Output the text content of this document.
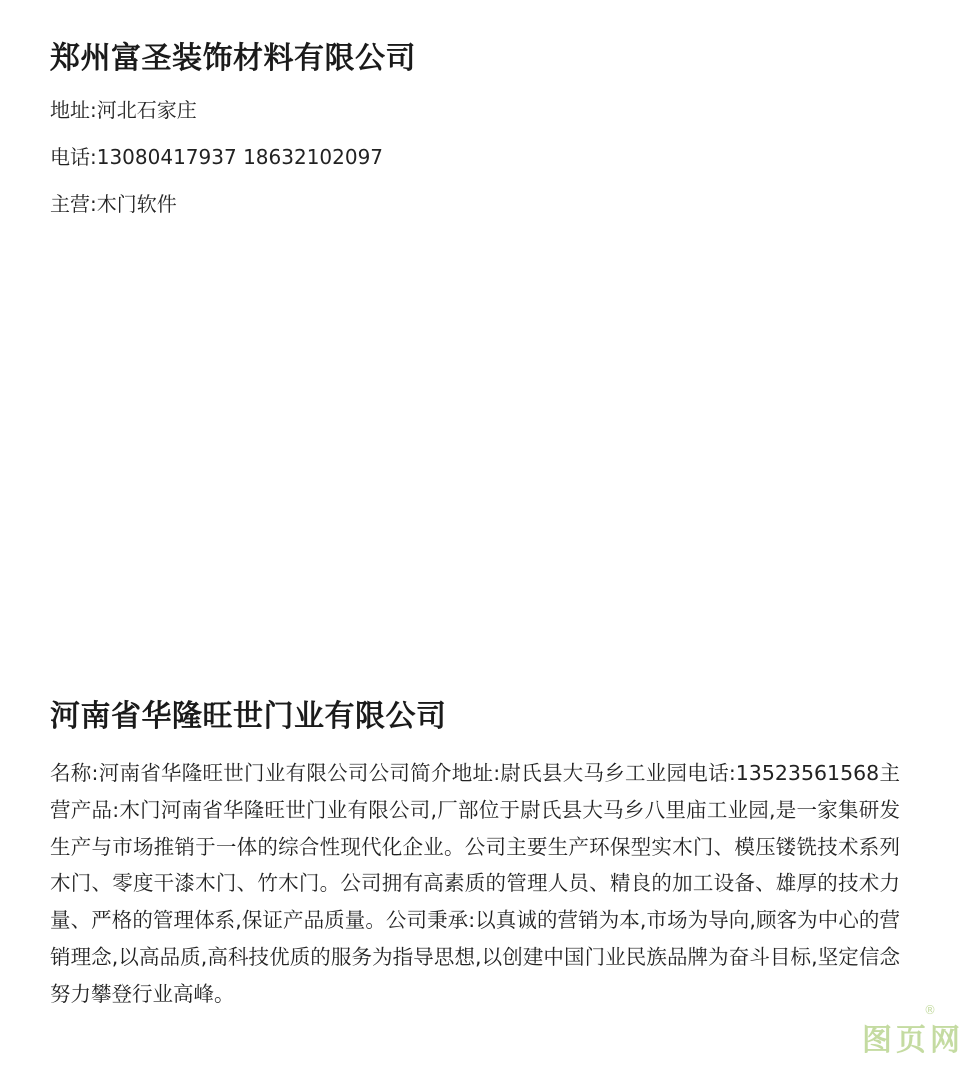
郑州富圣装饰材料有限公司

地址:河北石家庄

电话:13080417937 18632102097

主营:木门软件

河南省华隆旺世门业有限公司

名称:河南省华隆旺世门业有限公司公司简介地址:尉氏县大马乡工业园电话:13523561568主营产品:木门河南省华隆旺世门业有限公司,厂部位于尉氏县大马乡八里庙工业园,是一家集研发生产与市场推销于一体的综合性现代化企业。公司主要生产环保型实木门、模压镂铣技术系列木门、零度干漆木门、竹木门。公司拥有高素质的管理人员、精良的加工设备、雄厚的技术力量、严格的管理体系,保证产品质量。公司秉承:以真诚的营销为本,市场为导向,顾客为中心的营销理念,以高品质,高科技优质的服务为指导思想,以创建中国门业民族品牌为奋斗目标,坚定信念努力攀登行业高峰。

图页网
®
